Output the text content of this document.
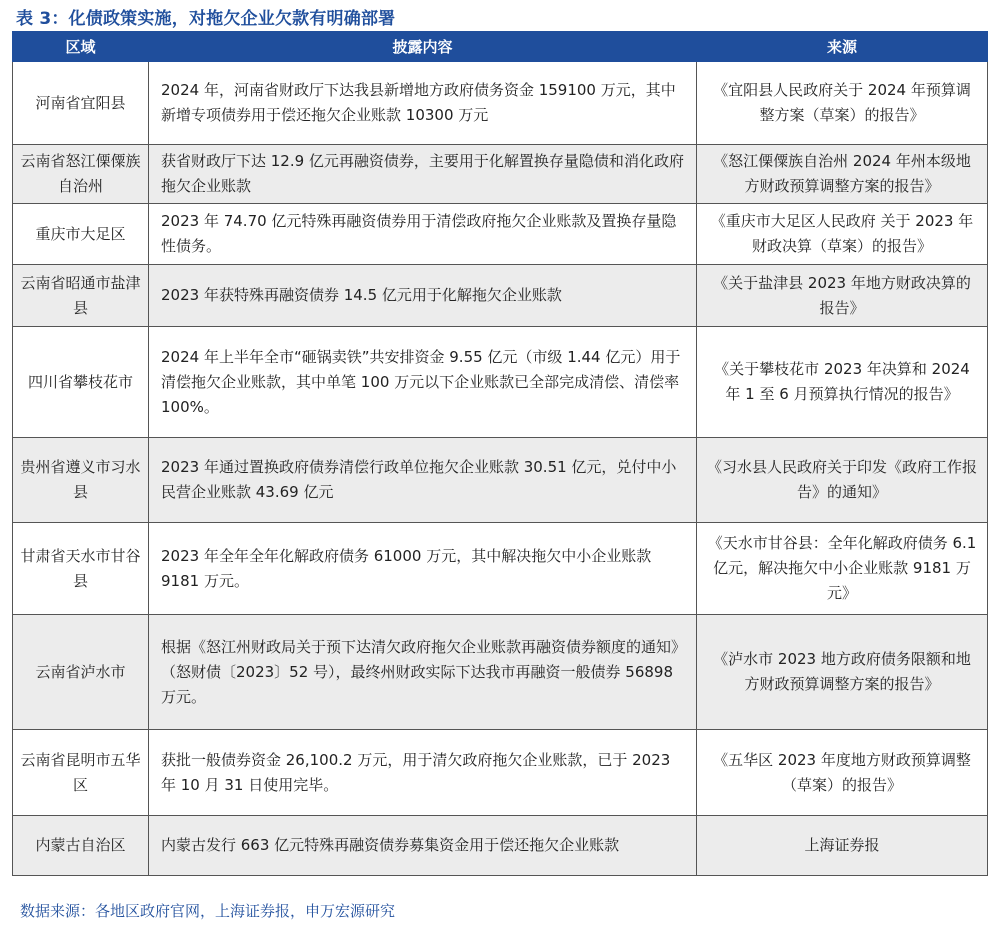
表 3：化债政策实施，对拖欠企业欠款有明确部署
区域	披露内容	来源
河南省宜阳县	2024 年，河南省财政厅下达我县新增地方政府债务资金 159100 万元，其中新增专项债券用于偿还拖欠企业账款 10300 万元	《宜阳县人民政府关于 2024 年预算调整方案（草案）的报告》
云南省怒江傈僳族自治州	获省财政厅下达 12.9 亿元再融资债券，主要用于化解置换存量隐债和消化政府拖欠企业账款	《怒江傈僳族自治州 2024 年州本级地方财政预算调整方案的报告》
重庆市大足区	2023 年 74.70 亿元特殊再融资债券用于清偿政府拖欠企业账款及置换存量隐性债务。	《重庆市大足区人民政府 关于 2023 年财政决算（草案）的报告》
云南省昭通市盐津县	2023 年获特殊再融资债券 14.5 亿元用于化解拖欠企业账款	《关于盐津县 2023 年地方财政决算的报告》
四川省攀枝花市	2024 年上半年全市“砸锅卖铁”共安排资金 9.55 亿元（市级 1.44 亿元）用于清偿拖欠企业账款，其中单笔 100 万元以下企业账款已全部完成清偿、清偿率 100%。	《关于攀枝花市 2023 年决算和 2024 年 1 至 6 月预算执行情况的报告》
贵州省遵义市习水县	2023 年通过置换政府债券清偿行政单位拖欠企业账款 30.51 亿元，兑付中小民营企业账款 43.69 亿元	《习水县人民政府关于印发《政府工作报告》的通知》
甘肃省天水市甘谷县	2023 年全年全年化解政府债务 61000 万元，其中解决拖欠中小企业账款 9181 万元。	《天水市甘谷县：全年化解政府债务 6.1 亿元，解决拖欠中小企业账款 9181 万元》
云南省泸水市	根据《怒江州财政局关于预下达清欠政府拖欠企业账款再融资债券额度的通知》（怒财债〔2023〕52 号），最终州财政实际下达我市再融资一般债券 56898 万元。	《泸水市 2023 地方政府债务限额和地方财政预算调整方案的报告》
云南省昆明市五华区	获批一般债券资金 26,100.2 万元，用于清欠政府拖欠企业账款，已于 2023 年 10 月 31 日使用完毕。	《五华区 2023 年度地方财政预算调整（草案）的报告》
内蒙古自治区	内蒙古发行 663 亿元特殊再融资债券募集资金用于偿还拖欠企业账款	上海证券报
数据来源：各地区政府官网，上海证券报，申万宏源研究
